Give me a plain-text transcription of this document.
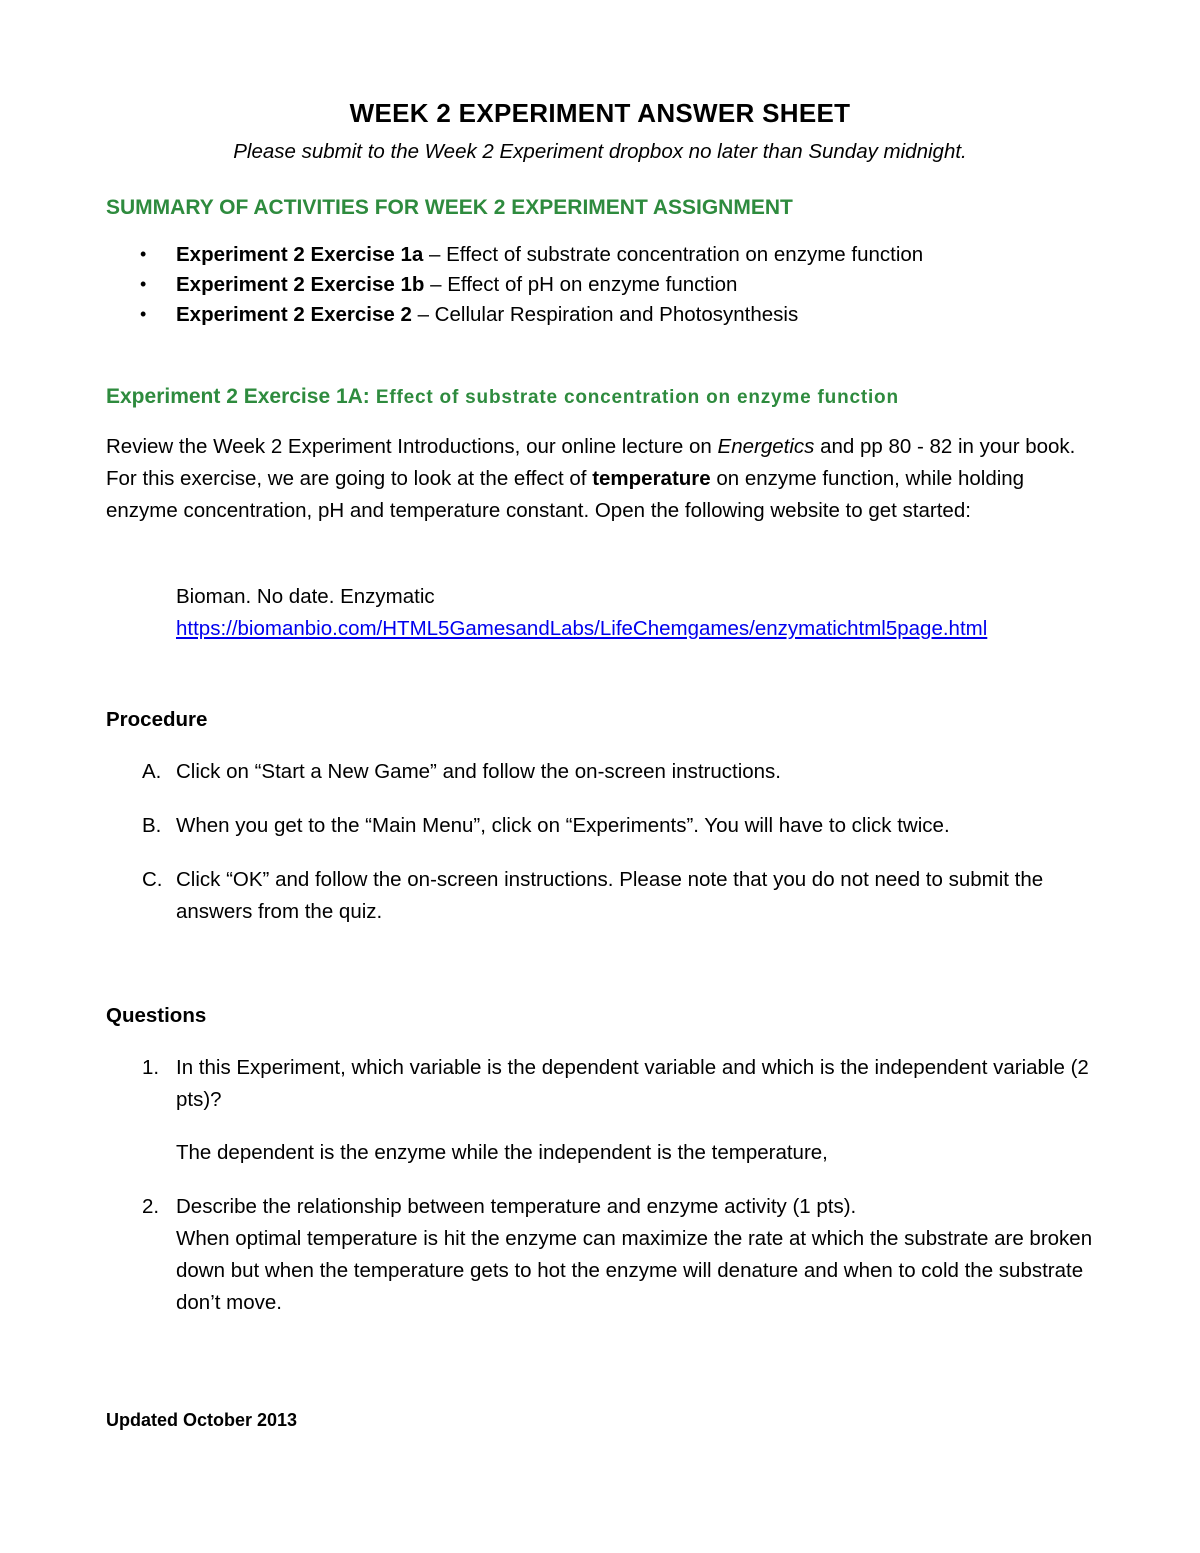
WEEK 2 EXPERIMENT ANSWER SHEET

Please submit to the Week 2 Experiment dropbox no later than Sunday midnight.

SUMMARY OF ACTIVITIES FOR WEEK 2 EXPERIMENT ASSIGNMENT
• Experiment 2 Exercise 1a – Effect of substrate concentration on enzyme function
• Experiment 2 Exercise 1b – Effect of pH on enzyme function
• Experiment 2 Exercise 2 – Cellular Respiration and Photosynthesis
Experiment 2 Exercise 1A: Effect of substrate concentration on enzyme function

Review the Week 2 Experiment Introductions, our online lecture on Energetics and pp 80 - 82 in your book. For this exercise, we are going to look at the effect of temperature on enzyme function, while holding enzyme concentration, pH and temperature constant. Open the following website to get started:

Bioman. No date. Enzymatic
https://biomanbio.com/HTML5GamesandLabs/LifeChemgames/enzymatichtml5page.html
Procedure
A. Click on “Start a New Game” and follow the on-screen instructions.
B. When you get to the “Main Menu”, click on “Experiments”. You will have to click twice.
C. Click “OK” and follow the on-screen instructions. Please note that you do not need to submit the answers from the quiz.
Questions
1. In this Experiment, which variable is the dependent variable and which is the independent variable (2 pts)?
The dependent is the enzyme while the independent is the temperature,
2. Describe the relationship between temperature and enzyme activity (1 pts).
When optimal temperature is hit the enzyme can maximize the rate at which the substrate are broken down but when the temperature gets to hot the enzyme will denature and when to cold the substrate don’t move.
Updated October 2013
